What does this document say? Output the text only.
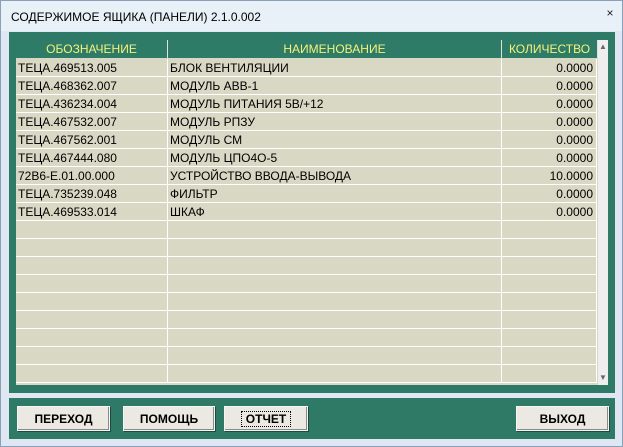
СОДЕРЖИМОЕ ЯЩИКА (ПАНЕЛИ) 2.1.0.002	×
ОБОЗНАЧЕНИЕ	НАИМЕНОВАНИЕ	КОЛИЧЕСТВО	▲
▼
ТЕЦА.469513.005	БЛОК ВЕНТИЛЯЦИИ	0.0000
ТЕЦА.468362.007	МОДУЛЬ АВВ-1	0.0000
ТЕЦА.436234.004	МОДУЛЬ ПИТАНИЯ 5В/+12	0.0000
ТЕЦА.467532.007	МОДУЛЬ РПЗУ	0.0000
ТЕЦА.467562.001	МОДУЛЬ СМ	0.0000
ТЕЦА.467444.080	МОДУЛЬ ЦПО4О-5	0.0000
72В6-Е.01.00.000	УСТРОЙСТВО ВВОДА-ВЫВОДА	10.0000
ТЕЦА.735239.048	ФИЛЬТР	0.0000
ТЕЦА.469533.014	ШКАФ	0.0000
ПЕРЕХОД	ПОМОЩЬ	ОТЧЕТ	ВЫХОД
